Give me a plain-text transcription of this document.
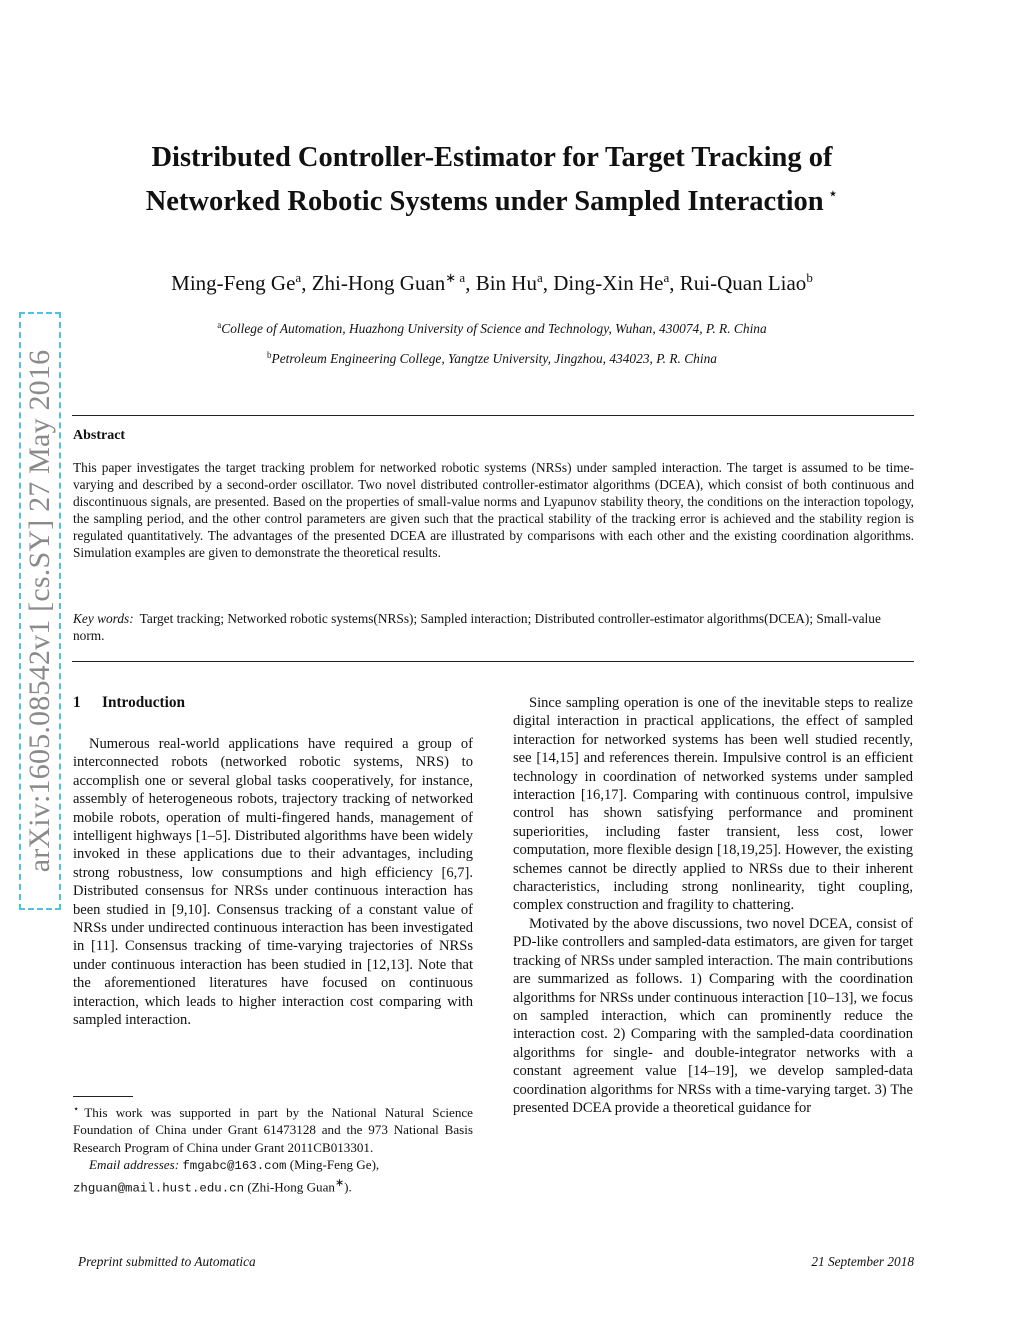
arXiv:1605.08542v1 [cs.SY] 27 May 2016
Distributed Controller-Estimator for Target Tracking of
Networked Robotic Systems under Sampled Interaction ⋆
Ming-Feng Ge$^a$, Zhi-Hong Guan$^{∗ a}$, Bin Hu$^a$, Ding-Xin He$^a$, Rui-Quan Liao$^b$
$^a$College of Automation, Huazhong University of Science and Technology, Wuhan, 430074, P. R. China
$^b$Petroleum Engineering College, Yangtze University, Jingzhou, 434023, P. R. China
Abstract
This paper investigates the target tracking problem for networked robotic systems (NRSs) under sampled interaction. The target is assumed to be time-varying and described by a second-order oscillator. Two novel distributed controller-estimator algorithms (DCEA), which consist of both continuous and discontinuous signals, are presented. Based on the properties of small-value norms and Lyapunov stability theory, the conditions on the interaction topology, the sampling period, and the other control parameters are given such that the practical stability of the tracking error is achieved and the stability region is regulated quantitatively. The advantages of the presented DCEA are illustrated by comparisons with each other and the existing coordination algorithms. Simulation examples are given to demonstrate the theoretical results.
Key words: Target tracking; Networked robotic systems(NRSs); Sampled interaction; Distributed controller-estimator algorithms(DCEA); Small-value norm.
1 Introduction

Numerous real-world applications have required a group of interconnected robots (networked robotic systems, NRS) to accomplish one or several global tasks cooperatively, for instance, assembly of heterogeneous robots, trajectory tracking of networked mobile robots, operation of multi-fingered hands, management of intelligent highways [1–5]. Distributed algorithms have been widely invoked in these applications due to their advantages, including strong robustness, low consumptions and high efficiency [6,7]. Distributed consensus for NRSs under continuous interaction has been studied in [9,10]. Consensus tracking of a constant value of NRSs under undirected continuous interaction has been investigated in [11]. Consensus tracking of time-varying trajectories of NRSs under continuous interaction has been studied in [12,13]. Note that the aforementioned literatures have focused on continuous interaction, which leads to higher interaction cost comparing with sampled interaction.

Since sampling operation is one of the inevitable steps to realize digital interaction in practical applications, the effect of sampled interaction for networked systems has been well studied recently, see [14,15] and references therein. Impulsive control is an efficient technology in coordination of networked systems under sampled interaction [16,17]. Comparing with continuous control, impulsive control has shown satisfying performance and prominent superiorities, including faster transient, less cost, lower computation, more flexible design [18,19,25]. However, the existing schemes cannot be directly applied to NRSs due to their inherent characteristics, including strong nonlinearity, tight coupling, complex construction and fragility to chattering.

Motivated by the above discussions, two novel DCEA, consist of PD-like controllers and sampled-data estimators, are given for target tracking of NRSs under sampled interaction. The main contributions are summarized as follows. 1) Comparing with the coordination algorithms for NRSs under continuous interaction [10–13], we focus on sampled interaction, which can prominently reduce the interaction cost. 2) Comparing with the sampled-data coordination algorithms for single- and double-integrator networks with a constant agreement value [14–19], we develop sampled-data coordination algorithms for NRSs with a time-varying target. 3) The presented DCEA provide a theoretical guidance for

⋆ This work was supported in part by the National Natural Science Foundation of China under Grant 61473128 and the 973 National Basis Research Program of China under Grant 2011CB013301.

Email addresses: fmgabc@163.com (Ming-Feng Ge),

zhguan@mail.hust.edu.cn (Zhi-Hong Guan∗).

Preprint submitted to Automatica	21 September 2018
